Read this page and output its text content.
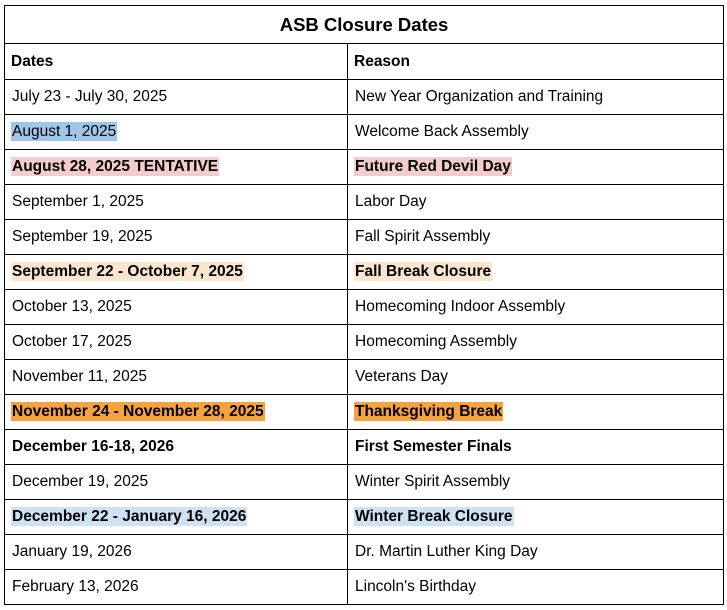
ASB Closure Dates	
Dates	Reason
July 23 - July 30, 2025	New Year Organization and Training
August 1, 2025	Welcome Back Assembly
August 28, 2025 TENTATIVE	Future Red Devil Day
September 1, 2025	Labor Day
September 19, 2025	Fall Spirit Assembly
September 22 - October 7, 2025	Fall Break Closure
October 13, 2025	Homecoming Indoor Assembly
October 17, 2025	Homecoming Assembly
November 11, 2025	Veterans Day
November 24 - November 28, 2025	Thanksgiving Break
December 16-18, 2026	First Semester Finals
December 19, 2025	Winter Spirit Assembly
December 22 - January 16, 2026	Winter Break Closure
January 19, 2026	Dr. Martin Luther King Day
February 13, 2026	Lincoln's Birthday
